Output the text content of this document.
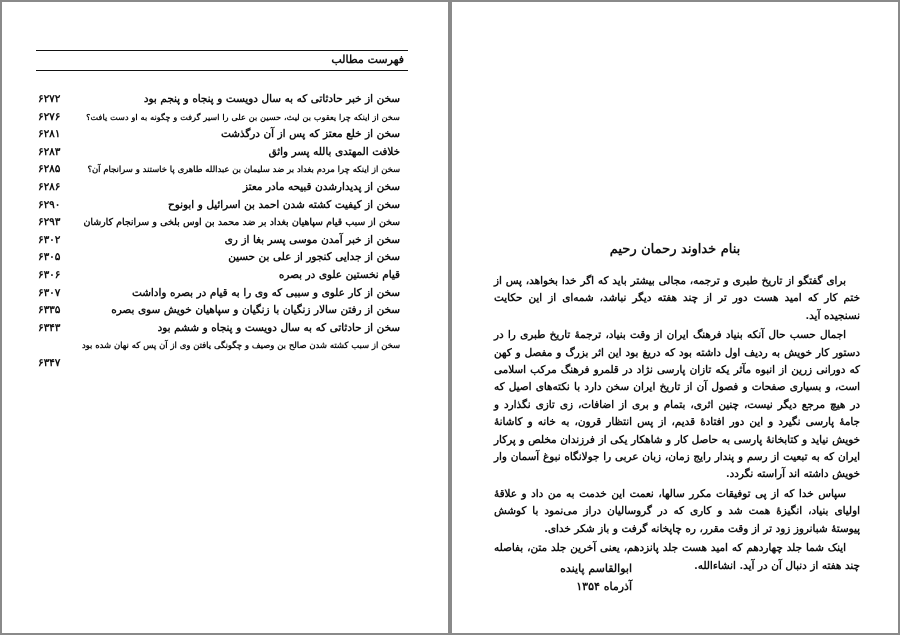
فهرست مطالب
سخن از خبر حادثاتی که به سال دویست و پنجاه و پنجم بود
۶۲۷۲
سخن از اینکه چرا یعقوب بن لیث، حسین بن علی را اسیر گرفت و چگونه به او دست یافت؟
۶۲۷۶
سخن از خلع معتز که پس از آن درگذشت
۶۲۸۱
خلافت المهتدی بالله پسر واثق
۶۲۸۳
سخن از اینکه چرا مردم بغداد بر ضد سلیمان بن عبدالله طاهری پا خاستند و سرانجام آن؟
۶۲۸۵
سخن از پدیدارشدن قبیحه مادر معتز
۶۲۸۶
سخن از کیفیت کشته شدن احمد بن اسرائیل و ابونوح
۶۲۹۰
سخن از سبب قیام سپاهیان بغداد بر ضد محمد بن اوس بلخی و سرانجام کارشان
۶۲۹۳
سخن از خبر آمدن موسی پسر بغا از ری
۶۳۰۲
سخن از جدایی کنجور از علی بن حسین
۶۳۰۵
قیام نخستین علوی در بصره
۶۳۰۶
سخن از کار علوی و سببی که وی را به قیام در بصره واداشت
۶۳۰۷
سخن از رفتن سالار زنگیان با زنگیان و سپاهیان خویش سوی بصره
۶۳۳۵
سخن از حادثاتی که به سال دویست و پنجاه و ششم بود
۶۳۴۳
سخن از سبب کشته شدن صالح بن وصیف و چگونگی یافتن وی از آن پس که نهان شده بود
۶۳۴۷
بنام خداوند رحمان رحیم

برای گفتگو از تاریخ طبری و ترجمه، مجالی بیشتر باید که اگر خدا بخواهد، پس از ختم کار که امید هست دور تر از چند هفته دیگر نباشد، شمه‌ای از این حکایت نسنجیده آید.

اجمال حسب حال آنکه بنیاد فرهنگ ایران از وقت بنیاد، ترجمهٔ تاریخ طبری را در دستور کار خویش به ردیف اول داشته بود که دریغ بود این اثر بزرگ و مفصل و کهن که دورانی زرین از انبوه مآثر یکه تازان پارسی نژاد در قلمرو فرهنگ مرکب اسلامی است، و بسیاری صفحات و فصول آن از تاریخ ایران سخن دارد با نکته‌های اصیل که در هیچ مرجع دیگر نیست، چنین اثری، بتمام و بری از اضافات، زی تازی نگذارد و جامهٔ پارسی نگیرد و این دور افتادهٔ قدیم، از پس انتظار قرون، به خانه و کاشانهٔ خویش نیاید و کتابخانهٔ پارسی به حاصل کار و شاهکار یکی از فرزندان مخلص و پرکار ایران که به تبعیت از رسم و پندار رایج زمان، زبان عربی را جولانگاه نبوغ آسمان وار خویش داشته اند آراسته نگردد.

سپاس خدا که از پی توفیقات مکرر سالها، نعمت این خدمت به من داد و علاقهٔ اولیای بنیاد، انگیزهٔ همت شد و کاری که در گروسالیان دراز می‌نمود با کوشش پیوستهٔ شبانروز زود تر از وقت مقرر، ره چاپخانه گرفت و باز شکر خدای.

اینک شما جلد چهاردهم که امید هست جلد پانزدهم، یعنی آخرین جلد متن، بفاصله چند هفته از دنبال آن در آید. انشاءالله.

ابوالقاسم پاینده
آذرماه ۱۳۵۴
